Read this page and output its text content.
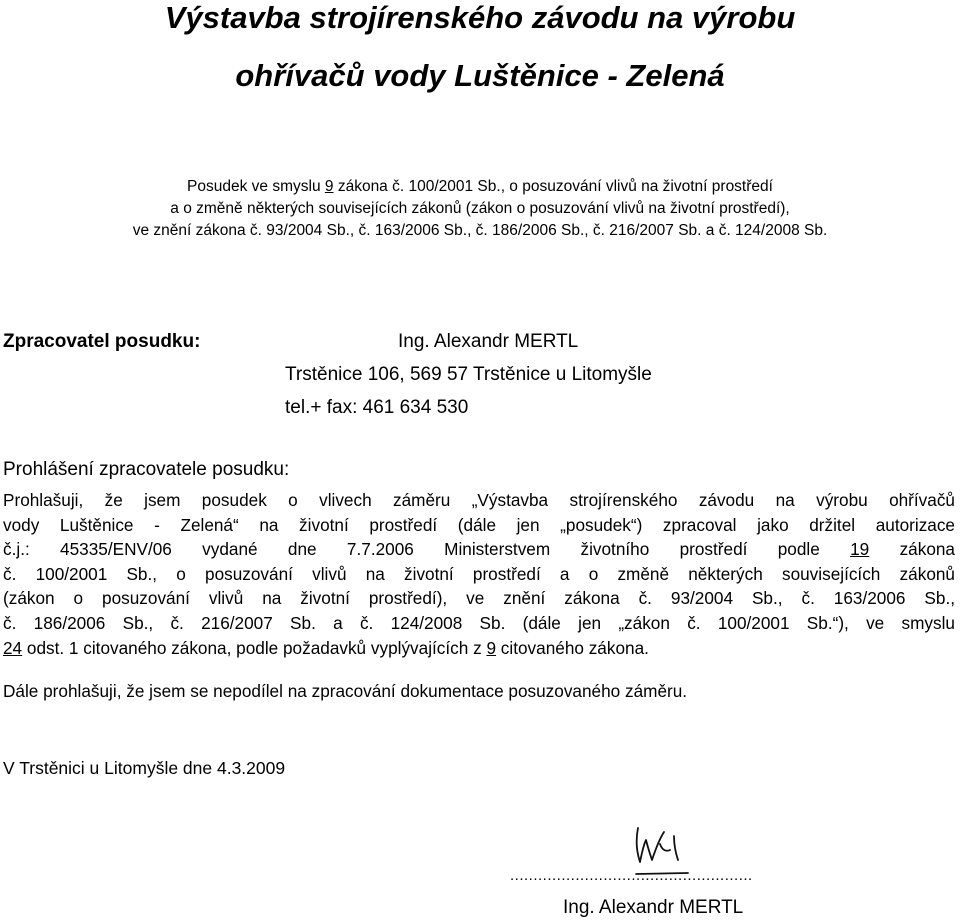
Výstavba strojírenského závodu na výrobu
ohřívačů vody Luštěnice - Zelená
Posudek ve smyslu 9 zákona č. 100/2001 Sb., o posuzování vlivů na životní prostředí
a o změně některých souvisejících zákonů (zákon o posuzování vlivů na životní prostředí),
ve znění zákona č. 93/2004 Sb., č. 163/2006 Sb., č. 186/2006 Sb., č. 216/2007 Sb. a č. 124/2008 Sb.
Zpracovatel posudku:	Ing. Alexandr MERTL
Trstěnice 106, 569 57 Trstěnice u Litomyšle
tel.+ fax: 461 634 530
Prohlášení zpracovatele posudku:
Prohlašuji, že jsem posudek o vlivech záměru „Výstavba strojírenského závodu na výrobu ohřívačů
vody Luštěnice - Zelená“ na životní prostředí (dále jen „posudek“) zpracoval jako držitel autorizace
č.j.: 45335/ENV/06 vydané dne 7.7.2006 Ministerstvem životního prostředí podle 19 zákona
č. 100/2001 Sb., o posuzování vlivů na životní prostředí a o změně některých souvisejících zákonů
(zákon o posuzování vlivů na životní prostředí), ve znění zákona č. 93/2004 Sb., č. 163/2006 Sb.,
č. 186/2006 Sb., č. 216/2007 Sb. a č. 124/2008 Sb. (dále jen „zákon č. 100/2001 Sb.“), ve smyslu
24 odst. 1 citovaného zákona, podle požadavků vyplývajících z 9 citovaného zákona.
Dále prohlašuji, že jsem se nepodílel na zpracování dokumentace posuzovaného záměru.
V Trstěnici u Litomyšle dne 4.3.2009
....................................................
Ing. Alexandr MERTL
